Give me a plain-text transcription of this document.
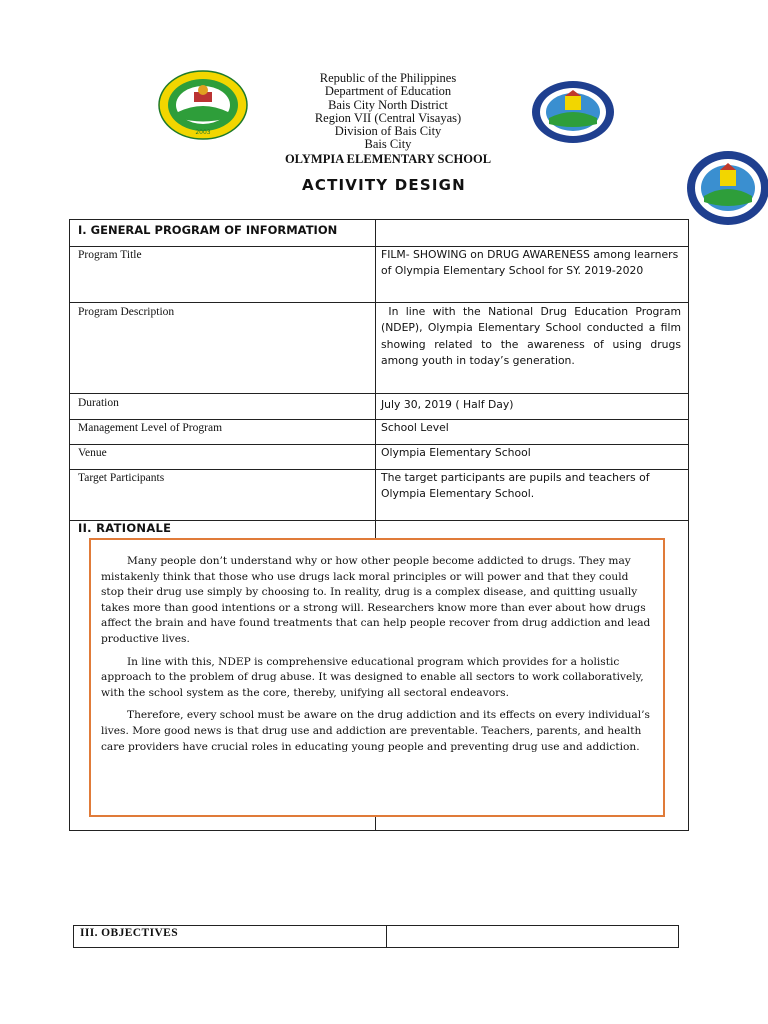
2003
Republic of the Philippines
Department of Education
Bais City North District
Region VII (Central Visayas)
Division of Bais City
Bais City
OLYMPIA ELEMENTARY SCHOOL
ACTIVITY DESIGN
I. GENERAL PROGRAM OF INFORMATION
Program Title	FILM- SHOWING on DRUG AWARENESS among learners of Olympia Elementary School for SY. 2019-2020
Program Description	In line with the National Drug Education Program (NDEP), Olympia Elementary School conducted a film showing related to the awareness of using drugs among youth in today’s generation.
Duration	July 30, 2019 ( Half Day)
Management Level of Program	School Level
Venue	Olympia Elementary School
Target Participants	The target participants are pupils and teachers of Olympia Elementary School.
II. RATIONALE

Many people don’t understand why or how other people become addicted to drugs. They may mistakenly think that those who use drugs lack moral principles or will power and that they could stop their drug use simply by choosing to. In reality, drug is a complex disease, and quitting usually takes more than good intentions or a strong will. Researchers know more than ever about how drugs affect the brain and have found treatments that can help people recover from drug addiction and lead productive lives.

In line with this, NDEP is comprehensive educational program which provides for a holistic approach to the problem of drug abuse. It was designed to enable all sectors to work collaboratively, with the school system as the core, thereby, unifying all sectoral endeavors.

Therefore, every school must be aware on the drug addiction and its effects on every individual’s lives. More good news is that drug use and addiction are preventable. Teachers, parents, and health care providers have crucial roles in educating young people and preventing drug use and addiction.

III. OBJECTIVES
